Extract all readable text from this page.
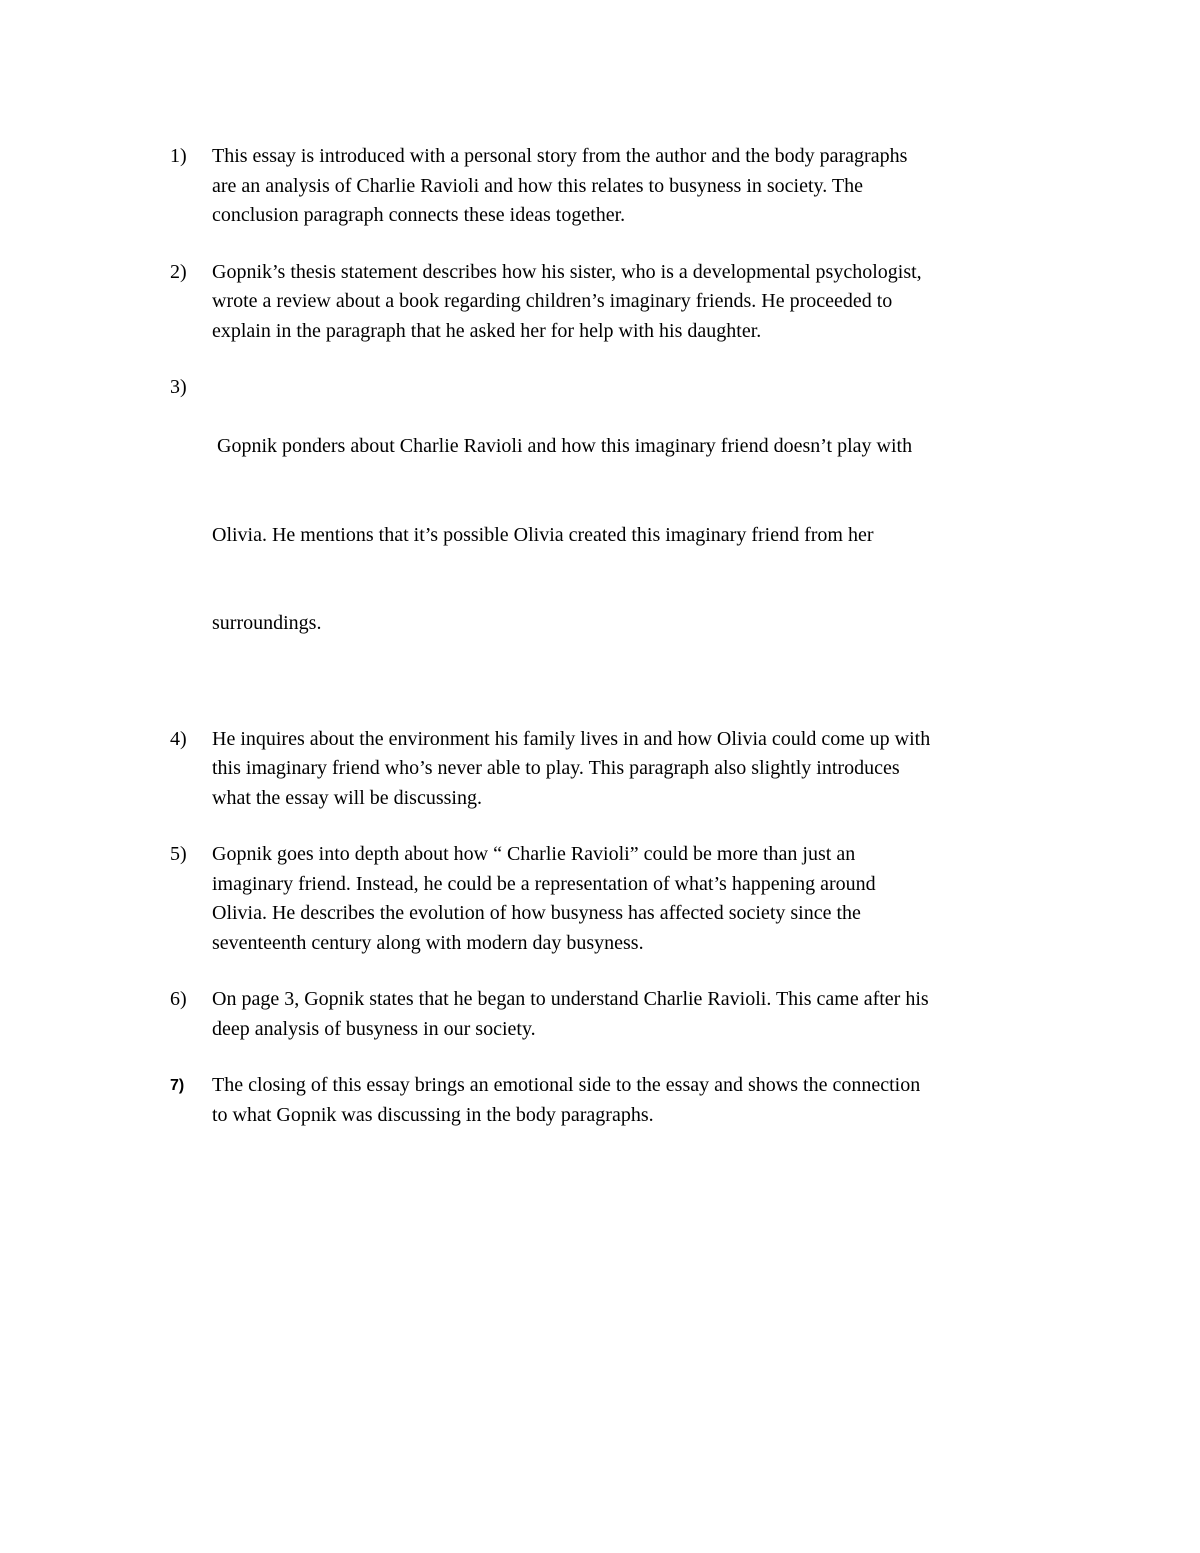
1)	This essay is introduced with a personal story from the author and the body paragraphs
are an analysis of Charlie Ravioli and how this relates to busyness in society. The
conclusion paragraph connects these ideas together.
2)	Gopnik’s thesis statement describes how his sister, who is a developmental psychologist,
wrote a review about a book regarding children’s imaginary friends. He proceeded to
explain in the paragraph that he asked her for help with his daughter.
3)

Gopnik ponders about Charlie Ravioli and how this imaginary friend doesn’t play with

Olivia. He mentions that it’s possible Olivia created this imaginary friend from her

surroundings.

4)	He inquires about the environment his family lives in and how Olivia could come up with
this imaginary friend who’s never able to play. This paragraph also slightly introduces
what the essay will be discussing.
5)	Gopnik goes into depth about how “ Charlie Ravioli” could be more than just an
imaginary friend. Instead, he could be a representation of what’s happening around
Olivia. He describes the evolution of how busyness has affected society since the
seventeenth century along with modern day busyness.
6)	On page 3, Gopnik states that he began to understand Charlie Ravioli. This came after his
deep analysis of busyness in our society.
7)	The closing of this essay brings an emotional side to the essay and shows the connection
to what Gopnik was discussing in the body paragraphs.
